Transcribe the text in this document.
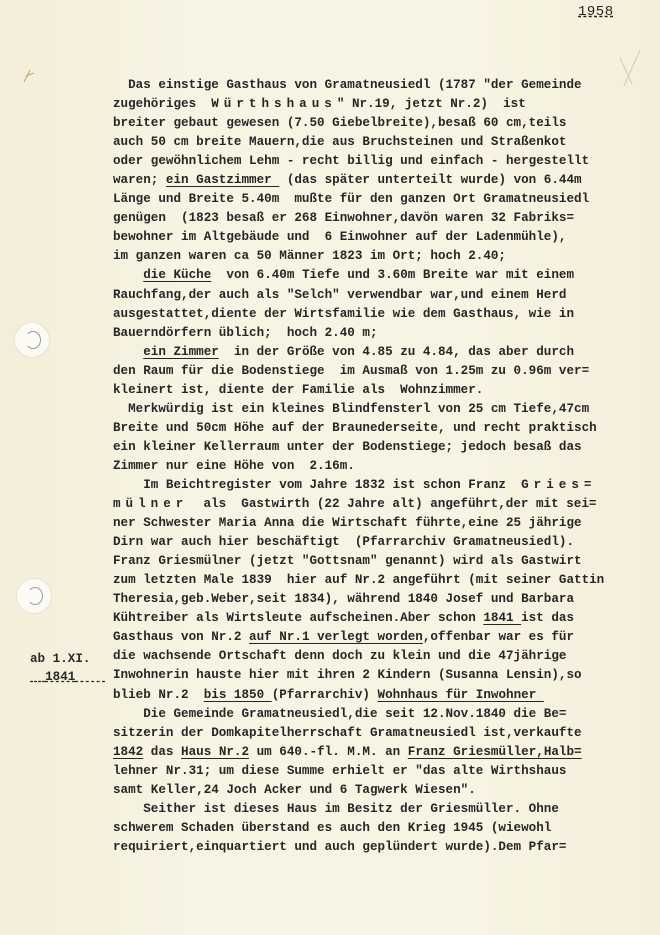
1958
ab 1.XI.
1841
Das einstige Gasthaus von Gramatneusiedl (1787 "der Gemeinde
zugehöriges  Würthshaus" Nr.19, jetzt Nr.2)  ist
breiter gebaut gewesen (7.50 Giebelbreite),besaß 60 cm,teils
auch 50 cm breite Mauern,die aus Bruchsteinen und Straßenkot
oder gewöhnlichem Lehm - recht billig und einfach - hergestellt
waren; ein Gastzimmer  (das später unterteilt wurde) von 6.44m
Länge und Breite 5.40m  mußte für den ganzen Ort Gramatneusiedl
genügen  (1823 besaß er 268 Einwohner,davön waren 32 Fabriks=
bewohner im Altgebäude und  6 Einwohner auf der Ladenmühle),
im ganzen waren ca 50 Männer 1823 im Ort; hoch 2.40;
die Küche  von 6.40m Tiefe und 3.60m Breite war mit einem
Rauchfang,der auch als "Selch" verwendbar war,und einem Herd
ausgestattet,diente der Wirtsfamilie wie dem Gasthaus, wie in
Bauerndörfern üblich;  hoch 2.40 m;
ein Zimmer  in der Größe von 4.85 zu 4.84, das aber durch
den Raum für die Bodenstiege  im Ausmaß von 1.25m zu 0.96m ver=
kleinert ist, diente der Familie als  Wohnzimmer.
Merkwürdig ist ein kleines Blindfensterl von 25 cm Tiefe,47cm
Breite und 50cm Höhe auf der Braunederseite, und recht praktisch
ein kleiner Kellerraum unter der Bodenstiege; jedoch besaß das
Zimmer nur eine Höhe von  2.16m.
Im Beichtregister vom Jahre 1832 ist schon Franz  Gries=
mülner  als  Gastwirth (22 Jahre alt) angeführt,der mit sei=
ner Schwester Maria Anna die Wirtschaft führte,eine 25 jährige
Dirn war auch hier beschäftigt  (Pfarrarchiv Gramatneusiedl).
Franz Griesmülner (jetzt "Gottsnam" genannt) wird als Gastwirt
zum letzten Male 1839  hier auf Nr.2 angeführt (mit seiner Gattin
Theresia,geb.Weber,seit 1834), während 1840 Josef und Barbara
Kühtreiber als Wirtsleute aufscheinen.Aber schon 1841 ist das
Gasthaus von Nr.2 auf Nr.1 verlegt worden,offenbar war es für
die wachsende Ortschaft denn doch zu klein und die 47jährige
Inwohnerin hauste hier mit ihren 2 Kindern (Susanna Lensin),so
blieb Nr.2  bis 1850 (Pfarrarchiv) Wohnhaus für Inwohner
Die Gemeinde Gramatneusiedl,die seit 12.Nov.1840 die Be=
sitzerin der Domkapitelherrschaft Gramatneusiedl ist,verkaufte
1842 das Haus Nr.2 um 640.-fl. M.M. an Franz Griesmüller,Halb=
lehner Nr.31; um diese Summe erhielt er "das alte Wirthshaus
samt Keller,24 Joch Acker und 6 Tagwerk Wiesen".
Seither ist dieses Haus im Besitz der Griesmüller. Ohne
schwerem Schaden überstand es auch den Krieg 1945 (wiewohl
requiriert,einquartiert und auch geplündert wurde).Dem Pfar=
